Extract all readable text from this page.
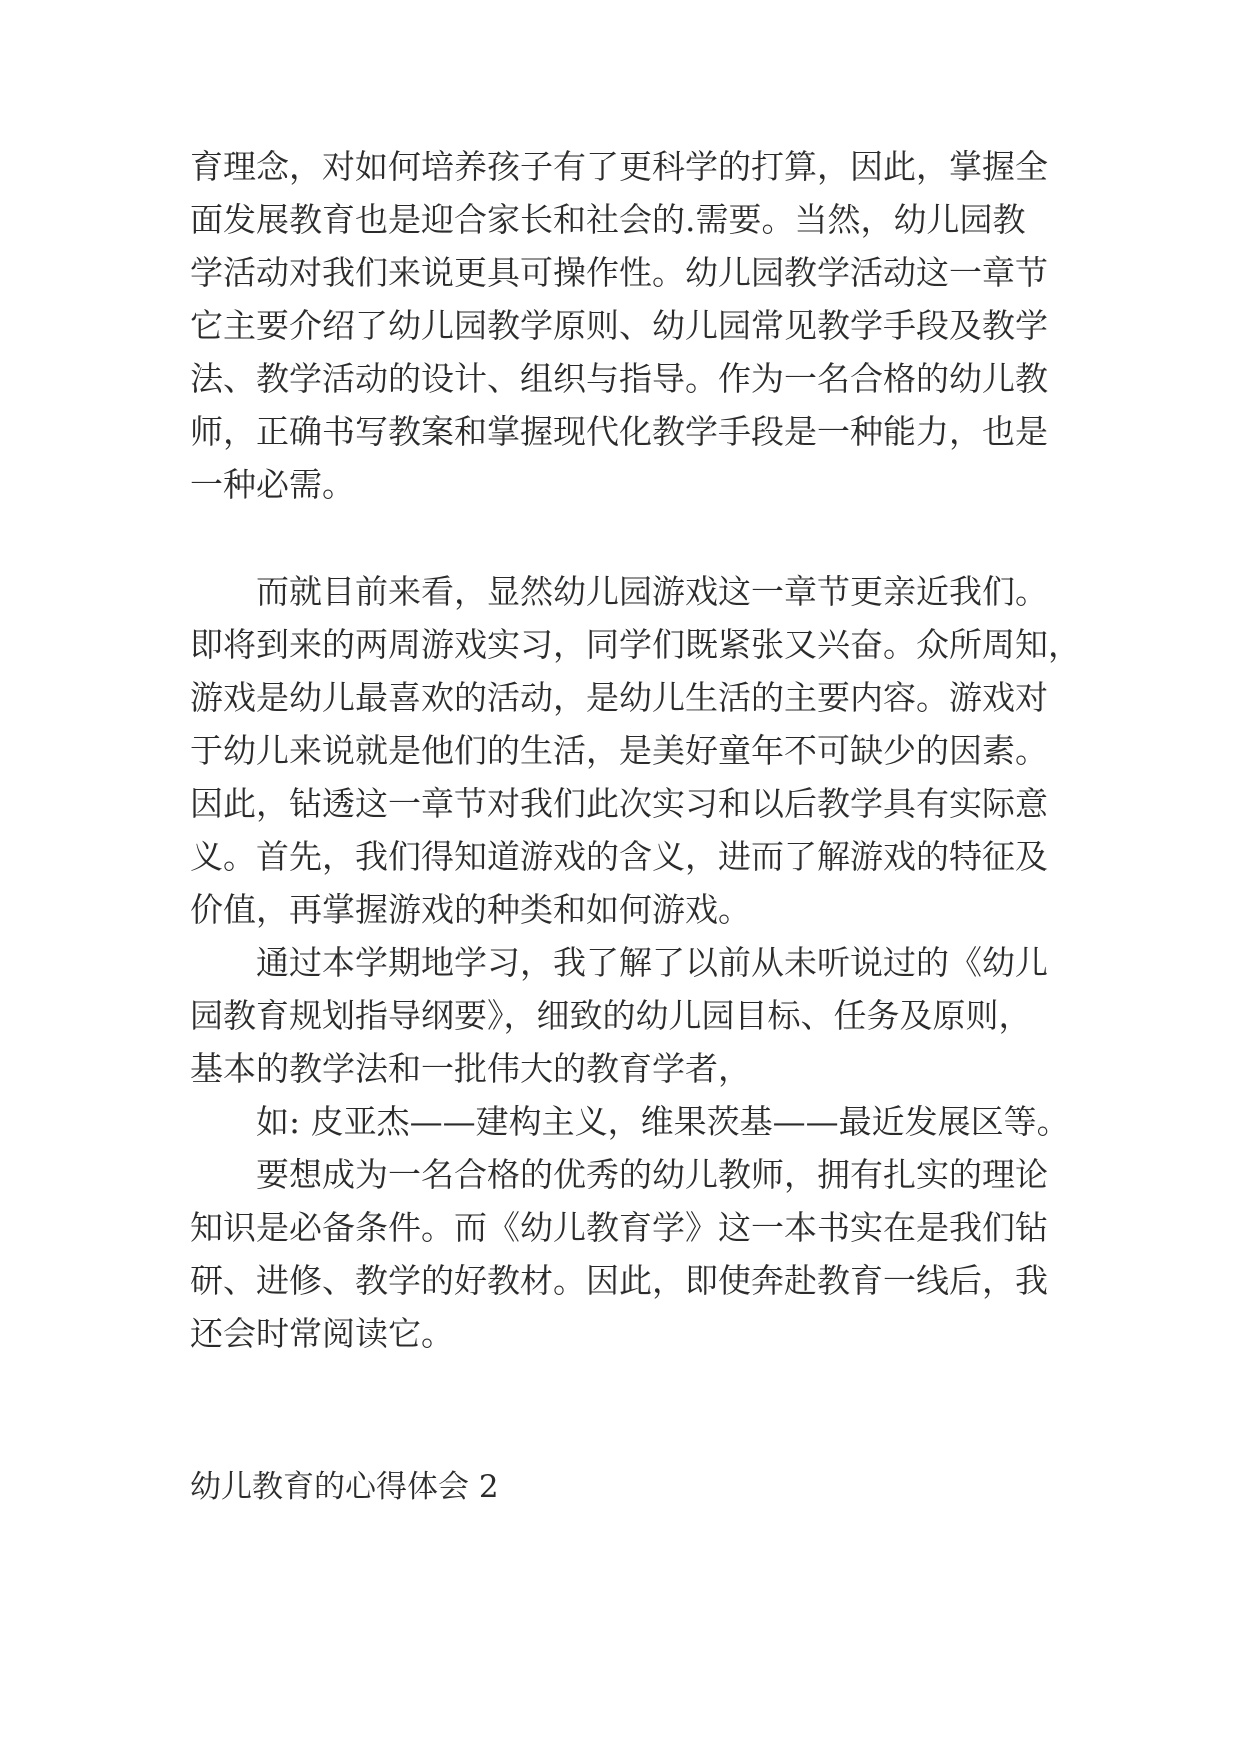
育理念，对如何培养孩子有了更科学的打算，因此，掌握全
面发展教育也是迎合家长和社会的.需要。当然，幼儿园教
学活动对我们来说更具可操作性。幼儿园教学活动这一章节
它主要介绍了幼儿园教学原则、幼儿园常见教学手段及教学
法、教学活动的设计、组织与指导。作为一名合格的幼儿教
师，正确书写教案和掌握现代化教学手段是一种能力，也是
一种必需。
而就目前来看，显然幼儿园游戏这一章节更亲近我们。
即将到来的两周游戏实习，同学们既紧张又兴奋。众所周知，
游戏是幼儿最喜欢的活动，是幼儿生活的主要内容。游戏对
于幼儿来说就是他们的生活，是美好童年不可缺少的因素。
因此，钻透这一章节对我们此次实习和以后教学具有实际意
义。首先，我们得知道游戏的含义，进而了解游戏的特征及
价值，再掌握游戏的种类和如何游戏。
通过本学期地学习，我了解了以前从未听说过的《幼儿
园教育规划指导纲要》，细致的幼儿园目标、任务及原则，
基本的教学法和一批伟大的教育学者，
如: 皮亚杰——建构主义，维果茨基——最近发展区等。
要想成为一名合格的优秀的幼儿教师，拥有扎实的理论
知识是必备条件。而《幼儿教育学》这一本书实在是我们钻
研、进修、教学的好教材。因此，即使奔赴教育一线后，我
还会时常阅读它。
幼儿教育的心得体会 2
